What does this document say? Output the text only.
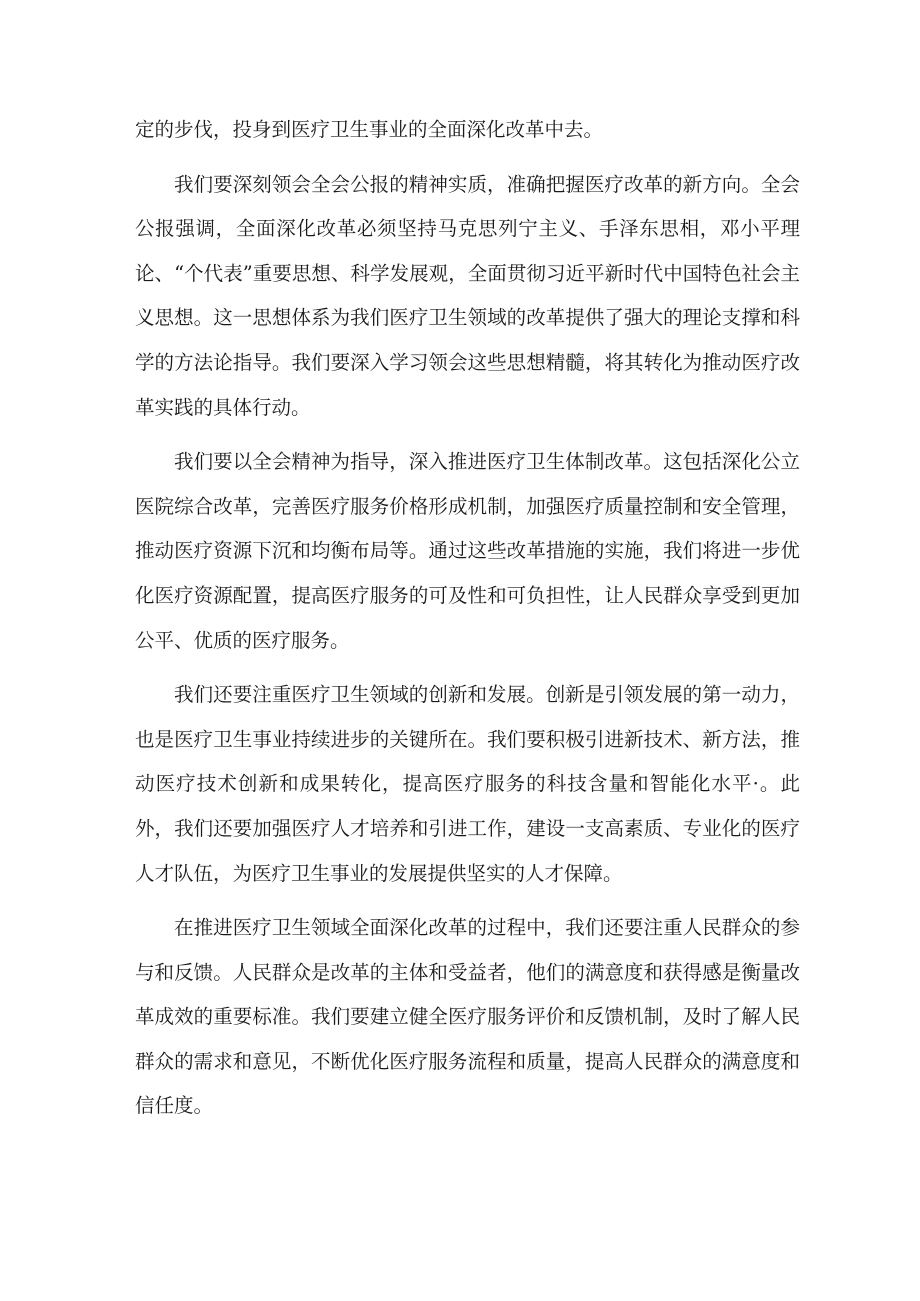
定的步伐，投身到医疗卫生事业的全面深化改革中去。

我们要深刻领会全会公报的精神实质，准确把握医疗改革的新方向。全会公报强调，全面深化改革必须坚持马克思列宁主义、手泽东思相，邓小平理论、“个代表”重要思想、科学发展观，全面贯彻习近平新时代中国特色社会主义思想。这一思想体系为我们医疗卫生领域的改革提供了强大的理论支撑和科学的方法论指导。我们要深入学习领会这些思想精髓，将其转化为推动医疗改革实践的具体行动。

我们要以全会精神为指导，深入推进医疗卫生体制改革。这包括深化公立医院综合改革，完善医疗服务价格形成机制，加强医疗质量控制和安全管理，推动医疗资源下沉和均衡布局等。通过这些改革措施的实施，我们将进一步优化医疗资源配置，提高医疗服务的可及性和可负担性，让人民群众享受到更加公平、优质的医疗服务。

我们还要注重医疗卫生领域的创新和发展。创新是引领发展的第一动力，也是医疗卫生事业持续进步的关键所在。我们要积极引进新技术、新方法，推动医疗技术创新和成果转化，提高医疗服务的科技含量和智能化水平·。此外，我们还要加强医疗人才培养和引进工作，建设一支高素质、专业化的医疗人才队伍，为医疗卫生事业的发展提供坚实的人才保障。

在推进医疗卫生领域全面深化改革的过程中，我们还要注重人民群众的参与和反馈。人民群众是改革的主体和受益者，他们的满意度和获得感是衡量改革成效的重要标准。我们要建立健全医疗服务评价和反馈机制，及时了解人民群众的需求和意见，不断优化医疗服务流程和质量，提高人民群众的满意度和信任度。
